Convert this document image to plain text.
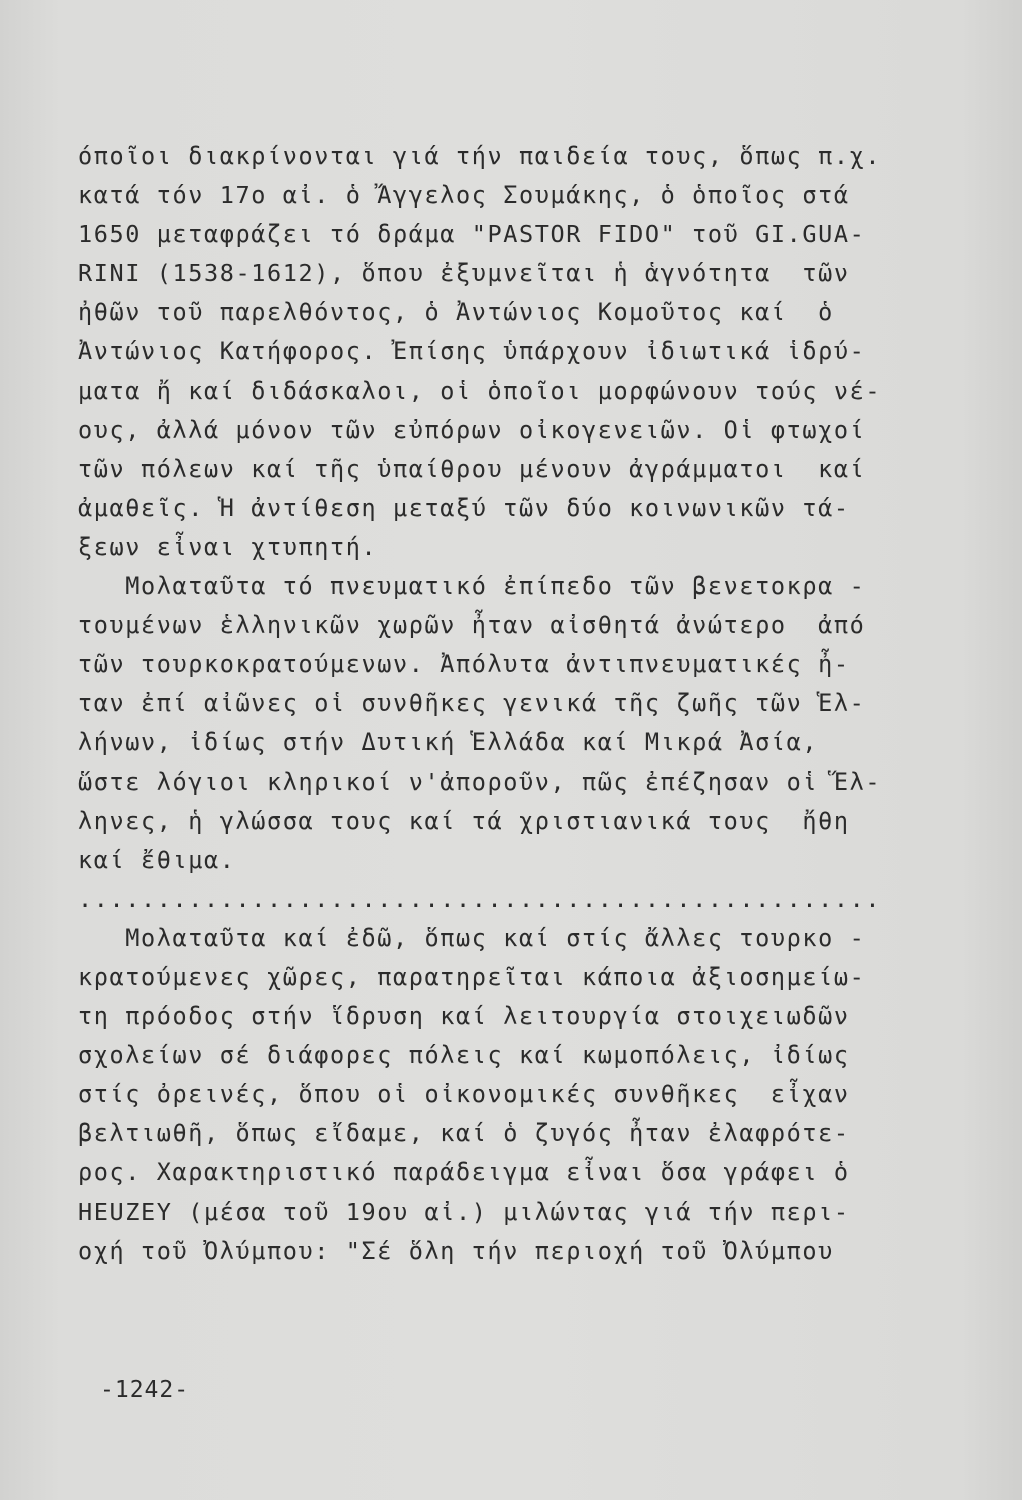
όποῖοι διακρίνονται γιά τήν παιδεία τους, ὅπως π.χ.
κατά τόν 17ο αἰ. ὁ Ἄγγελος Σουμάκης, ὁ ὁποῖος στά
1650 μεταφράζει τό δράμα "PASTOR FIDO" τοῦ GI.GUA-
RINI (1538-1612), ὅπου ἐξυμνεῖται ἡ ἁγνότητα  τῶν
ἠθῶν τοῦ παρελθόντος, ὁ Ἀντώνιος Κομοῦτος καί  ὁ
Ἀντώνιος Κατήφορος. Ἐπίσης ὑπάρχουν ἰδιωτικά ἱδρύ-
ματα ἤ καί διδάσκαλοι, οἱ ὁποῖοι μορφώνουν τούς νέ-
ους, ἀλλά μόνον τῶν εὐπόρων οἰκογενειῶν. Οἱ φτωχοί
τῶν πόλεων καί τῆς ὑπαίθρου μένουν ἀγράμματοι  καί
ἀμαθεῖς. Ἡ ἀντίθεση μεταξύ τῶν δύο κοινωνικῶν τά-
ξεων εἶναι χτυπητή.
Μολαταῦτα τό πνευματικό ἐπίπεδο τῶν βενετοκρα -
τουμένων ἑλληνικῶν χωρῶν ἦταν αἰσθητά ἀνώτερο  ἀπό
τῶν τουρκοκρατούμενων. Ἀπόλυτα ἀντιπνευματικές ἦ-
ταν ἐπί αἰῶνες οἱ συνθῆκες γενικά τῆς ζωῆς τῶν Ἑλ-
λήνων, ἰδίως στήν Δυτική Ἑλλάδα καί Μικρά Ἀσία,
ὥστε λόγιοι κληρικοί ν'ἀποροῦν, πῶς ἐπέζησαν οἱ Ἕλ-
ληνες, ἡ γλώσσα τους καί τά χριστιανικά τους  ἤθη
καί ἔθιμα.
...................................................
Μολαταῦτα καί ἐδῶ, ὅπως καί στίς ἄλλες τουρκο -
κρατούμενες χῶρες, παρατηρεῖται κάποια ἀξιοσημείω-
τη πρόοδος στήν ἵδρυση καί λειτουργία στοιχειωδῶν
σχολείων σέ διάφορες πόλεις καί κωμοπόλεις, ἰδίως
στίς ὀρεινές, ὅπου οἱ οἰκονομικές συνθῆκες  εἶχαν
βελτιωθῆ, ὅπως εἴδαμε, καί ὁ ζυγός ἦταν ἐλαφρότε-
ρος. Χαρακτηριστικό παράδειγμα εἶναι ὅσα γράφει ὁ
HEUZEY (μέσα τοῦ 19ου αἰ.) μιλώντας γιά τήν περι-
οχή τοῦ Ὀλύμπου: "Σέ ὅλη τήν περιοχή τοῦ Ὀλύμπου
-1242-
